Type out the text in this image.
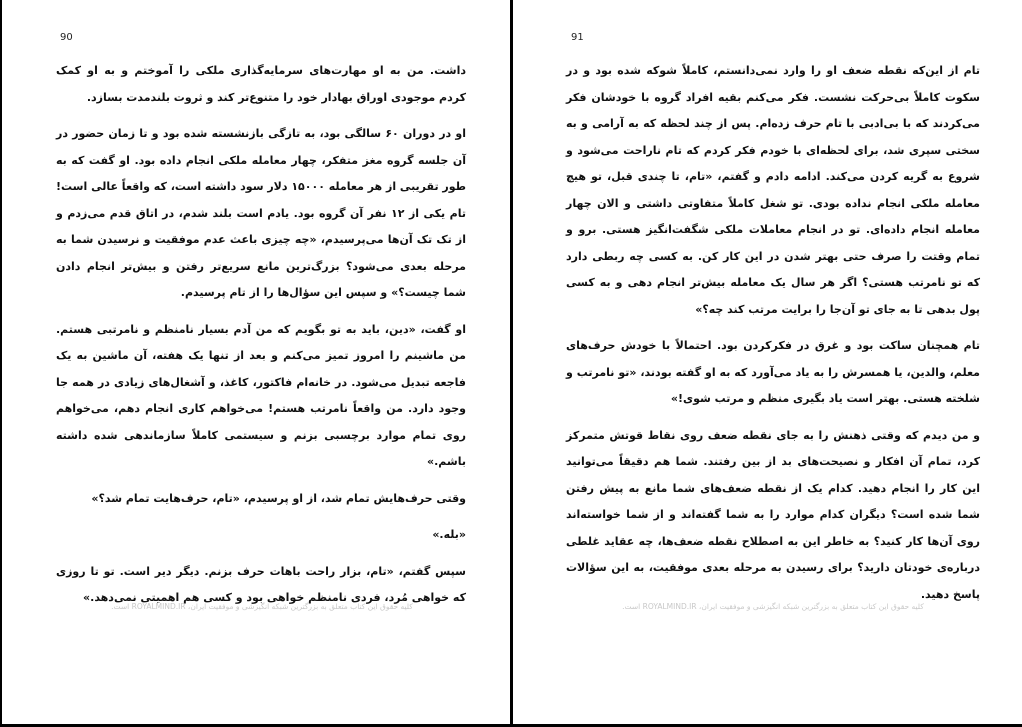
90

داشت. من به او مهارت‌های سرمایه‌گذاری ملکی را آموختم و به او کمک کردم موجودی اوراق بهادار خود را متنوع‌تر کند و ثروت بلندمدت بسازد.

او در دوران ۶۰ سالگی بود، به تازگی بازنشسته شده بود و تا زمان حضور در آن جلسه گروه مغز متفکر، چهار معامله ملکی انجام داده بود. او گفت که به طور تقریبی از هر معامله ۱۵۰۰۰ دلار سود داشته است، که واقعاً عالی است! تام یکی از ۱۲ نفر آن گروه بود. یادم است بلند شدم، در اتاق قدم می‌زدم و از تک تک آن‌ها می‌پرسیدم، «چه چیزی باعث عدم موفقیت و نرسیدن شما به مرحله بعدی می‌شود؟ بزرگ‌ترین مانع سریع‌تر رفتن و بیش‌تر انجام دادن شما چیست؟» و سپس این سؤال‌ها را از تام پرسیدم.

او گفت، «دین، باید به تو بگویم که من آدم بسیار نامنظم و نامرتبی هستم. من ماشینم را امروز تمیز می‌کنم و بعد از تنها یک هفته، آن ماشین به یک فاجعه تبدیل می‌شود. در خانه‌ام فاکتور، کاغذ، و آشغال‌های زیادی در همه جا وجود دارد. من واقعاً نامرتب هستم! می‌خواهم کاری انجام دهم، می‌خواهم روی تمام موارد برچسبی بزنم و سیستمی کاملاً سازماندهی شده داشته باشم.»

وقتی حرف‌هایش تمام شد، از او پرسیدم، «تام، حرف‌هایت تمام شد؟»

«بله.»

سپس گفتم، «تام، بزار راحت باهات حرف بزنم. دیگر دیر است. تو تا روزی که خواهی مُرد، فردی نامنظم خواهی بود و کسی هم اهمیتی نمی‌دهد.»

کلیه حقوق این کتاب متعلق به بزرگترین شبکه انگیزشی و موفقیت ایران، ROYALMIND.IR است.
91

تام از این‌که نقطه ضعف او را وارد نمی‌دانستم، کاملاً شوکه شده بود و در سکوت کاملاً بی‌حرکت نشست. فکر می‌کنم بقیه افراد گروه با خودشان فکر می‌کردند که با بی‌ادبی با تام حرف زده‌ام. پس از چند لحظه که به آرامی و به سختی سپری شد، برای لحظه‌ای با خودم فکر کردم که تام ناراحت می‌شود و شروع به گریه کردن می‌کند. ادامه دادم و گفتم، «تام، تا چندی قبل، تو هیچ معامله ملکی انجام نداده بودی. تو شغل کاملاً متفاوتی داشتی و الان چهار معامله انجام داده‌ای. تو در انجام معاملات ملکی شگفت‌انگیز هستی. برو و تمام وقتت را صرف حتی بهتر شدن در این کار کن. به کسی چه ربطی دارد که تو نامرتب هستی؟ اگر هر سال یک معامله بیش‌تر انجام دهی و به کسی پول بدهی تا به جای تو آن‌جا را برایت مرتب کند چه؟»

تام همچنان ساکت بود و غرق در فکرکردن بود. احتمالاً با خودش حرف‌های معلم، والدین، یا همسرش را به یاد می‌آورد که به او گفته بودند، «تو نامرتب و شلخته هستی. بهتر است یاد بگیری منظم و مرتب شوی!»

و من دیدم که وقتی ذهنش را به جای نقطه ضعف روی نقاط قوتش متمرکز کرد، تمام آن افکار و نصیحت‌های بد از بین رفتند. شما هم دقیقاً می‌توانید این کار را انجام دهید. کدام یک از نقطه ضعف‌های شما مانع به پیش رفتن شما شده است؟ دیگران کدام موارد را به شما گفته‌اند و از شما خواسته‌اند روی آن‌ها کار کنید؟ به خاطر این به اصطلاح نقطه ضعف‌ها، چه عقاید غلطی درباره‌ی خودتان دارید؟ برای رسیدن به مرحله بعدی موفقیت، به این سؤالات پاسخ دهید.

کلیه حقوق این کتاب متعلق به بزرگترین شبکه انگیزشی و موفقیت ایران، ROYALMIND.IR است.
